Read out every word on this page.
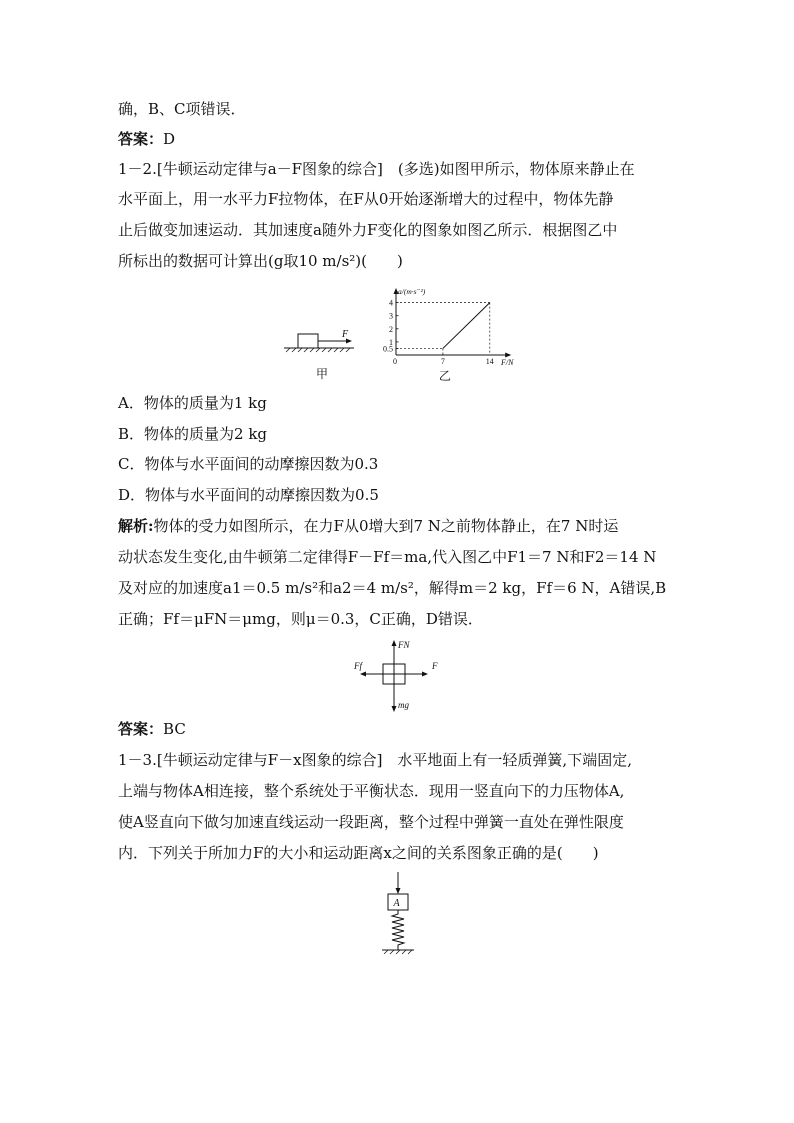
确，B、C项错误．
答案：D
1－2.[牛顿运动定律与a－F图象的综合]　(多选)如图甲所示，物体原来静止在
水平面上，用一水平力F拉物体，在F从0开始逐渐增大的过程中，物体先静
止后做变加速运动．其加速度a随外力F变化的图象如图乙所示．根据图乙中
所标出的数据可计算出(g取10 m/s²)(　　)
F
甲
0.5
1
2
3
4
0	7	14 F/N
a/(m·s⁻²)
乙
A．物体的质量为1 kg
B．物体的质量为2 kg
C．物体与水平面间的动摩擦因数为0.3
D．物体与水平面间的动摩擦因数为0.5
解析:物体的受力如图所示，在力F从0增大到7 N之前物体静止，在7 N时运
动状态发生变化,由牛顿第二定律得F－Ff＝ma,代入图乙中F1＝7 N和F2＝14 N
及对应的加速度a1＝0.5 m/s²和a2＝4 m/s²，解得m＝2 kg，Ff＝6 N，A错误,B
正确；Ff＝μFN＝μmg，则μ＝0.3，C正确，D错误．
FN
Ff	F
mg
答案：BC
1－3.[牛顿运动定律与F－x图象的综合]　水平地面上有一轻质弹簧,下端固定,
上端与物体A相连接，整个系统处于平衡状态．现用一竖直向下的力压物体A,
使A竖直向下做匀加速直线运动一段距离，整个过程中弹簧一直处在弹性限度
内．下列关于所加力F的大小和运动距离x之间的关系图象正确的是(　　)
A
